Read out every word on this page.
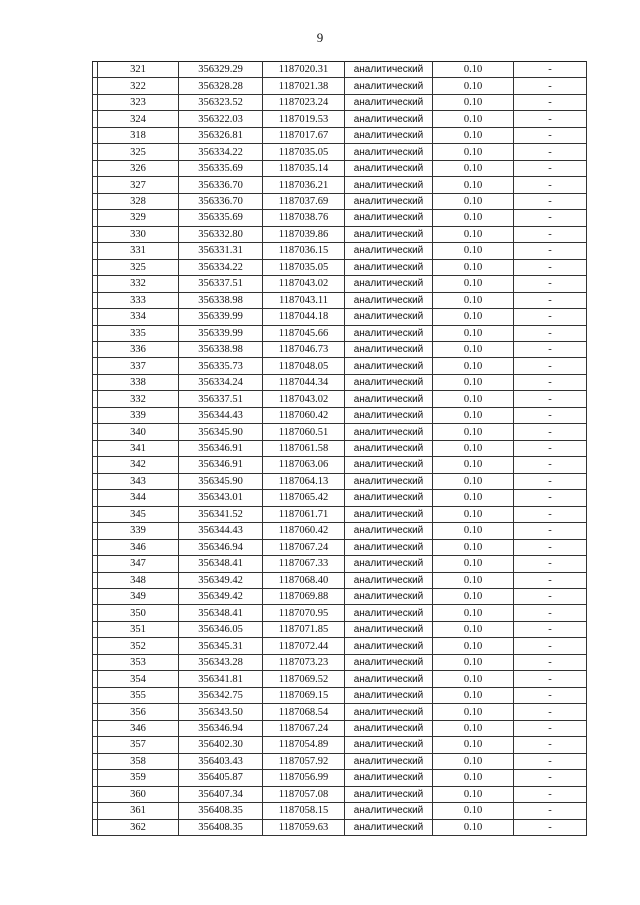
9
	321	356329.29	1187020.31	аналитический	0.10	-
	322	356328.28	1187021.38	аналитический	0.10	-
	323	356323.52	1187023.24	аналитический	0.10	-
	324	356322.03	1187019.53	аналитический	0.10	-
	318	356326.81	1187017.67	аналитический	0.10	-
	325	356334.22	1187035.05	аналитический	0.10	-
	326	356335.69	1187035.14	аналитический	0.10	-
	327	356336.70	1187036.21	аналитический	0.10	-
	328	356336.70	1187037.69	аналитический	0.10	-
	329	356335.69	1187038.76	аналитический	0.10	-
	330	356332.80	1187039.86	аналитический	0.10	-
	331	356331.31	1187036.15	аналитический	0.10	-
	325	356334.22	1187035.05	аналитический	0.10	-
	332	356337.51	1187043.02	аналитический	0.10	-
	333	356338.98	1187043.11	аналитический	0.10	-
	334	356339.99	1187044.18	аналитический	0.10	-
	335	356339.99	1187045.66	аналитический	0.10	-
	336	356338.98	1187046.73	аналитический	0.10	-
	337	356335.73	1187048.05	аналитический	0.10	-
	338	356334.24	1187044.34	аналитический	0.10	-
	332	356337.51	1187043.02	аналитический	0.10	-
	339	356344.43	1187060.42	аналитический	0.10	-
	340	356345.90	1187060.51	аналитический	0.10	-
	341	356346.91	1187061.58	аналитический	0.10	-
	342	356346.91	1187063.06	аналитический	0.10	-
	343	356345.90	1187064.13	аналитический	0.10	-
	344	356343.01	1187065.42	аналитический	0.10	-
	345	356341.52	1187061.71	аналитический	0.10	-
	339	356344.43	1187060.42	аналитический	0.10	-
	346	356346.94	1187067.24	аналитический	0.10	-
	347	356348.41	1187067.33	аналитический	0.10	-
	348	356349.42	1187068.40	аналитический	0.10	-
	349	356349.42	1187069.88	аналитический	0.10	-
	350	356348.41	1187070.95	аналитический	0.10	-
	351	356346.05	1187071.85	аналитический	0.10	-
	352	356345.31	1187072.44	аналитический	0.10	-
	353	356343.28	1187073.23	аналитический	0.10	-
	354	356341.81	1187069.52	аналитический	0.10	-
	355	356342.75	1187069.15	аналитический	0.10	-
	356	356343.50	1187068.54	аналитический	0.10	-
	346	356346.94	1187067.24	аналитический	0.10	-
	357	356402.30	1187054.89	аналитический	0.10	-
	358	356403.43	1187057.92	аналитический	0.10	-
	359	356405.87	1187056.99	аналитический	0.10	-
	360	356407.34	1187057.08	аналитический	0.10	-
	361	356408.35	1187058.15	аналитический	0.10	-
	362	356408.35	1187059.63	аналитический	0.10	-
